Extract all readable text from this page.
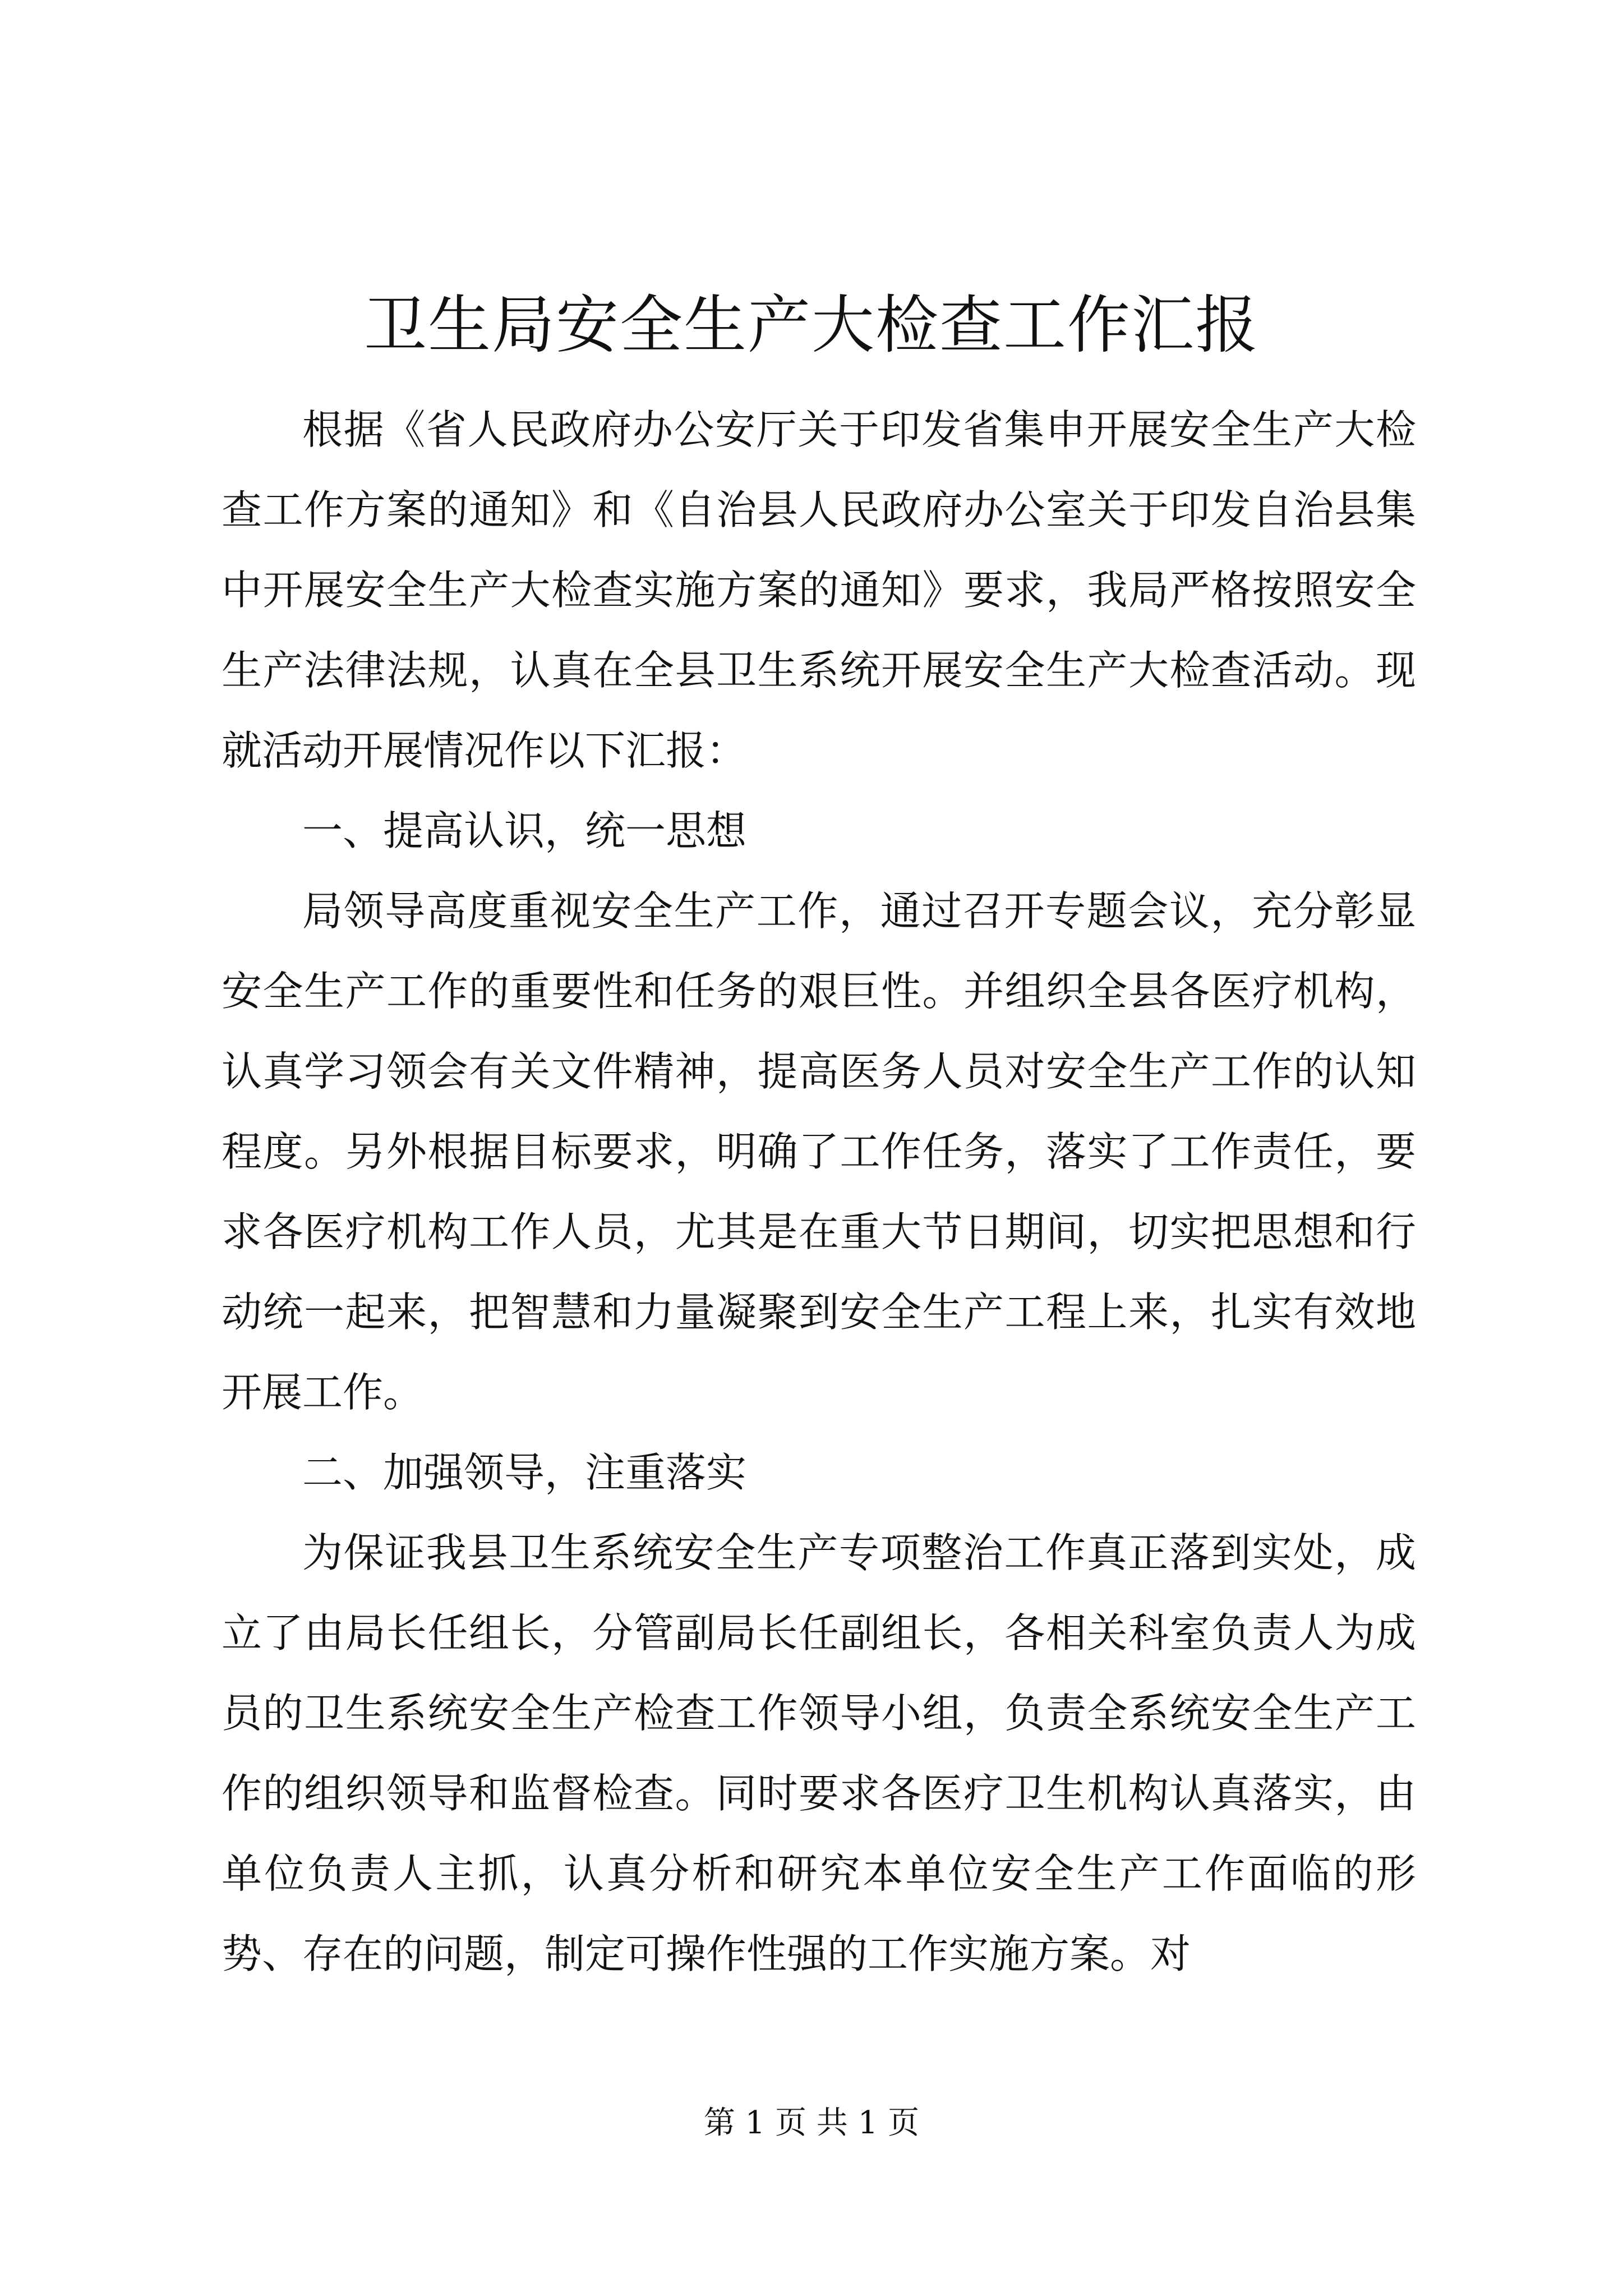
卫生局安全生产大检查工作汇报

根据《省人民政府办公安厅关于印发省集申开展安全生产大检查工作方案的通知》和《自治县人民政府办公室关于印发自治县集中开展安全生产大检查实施方案的通知》要求，我局严格按照安全生产法律法规，认真在全县卫生系统开展安全生产大检查活动。现就活动开展情况作以下汇报：

一、提高认识，统一思想

局领导高度重视安全生产工作，通过召开专题会议，充分彰显安全生产工作的重要性和任务的艰巨性。并组织全县各医疗机构，认真学习领会有关文件精神，提高医务人员对安全生产工作的认知程度。另外根据目标要求，明确了工作任务，落实了工作责任，要求各医疗机构工作人员，尤其是在重大节日期间，切实把思想和行动统一起来，把智慧和力量凝聚到安全生产工程上来，扎实有效地开展工作。

二、加强领导，注重落实

为保证我县卫生系统安全生产专项整治工作真正落到实处，成立了由局长任组长，分管副局长任副组长，各相关科室负责人为成员的卫生系统安全生产检查工作领导小组，负责全系统安全生产工作的组织领导和监督检查。同时要求各医疗卫生机构认真落实，由单位负责人主抓，认真分析和研究本单位安全生产工作面临的形势、存在的问题，制定可操作性强的工作实施方案。对

第 1 页 共 1 页
